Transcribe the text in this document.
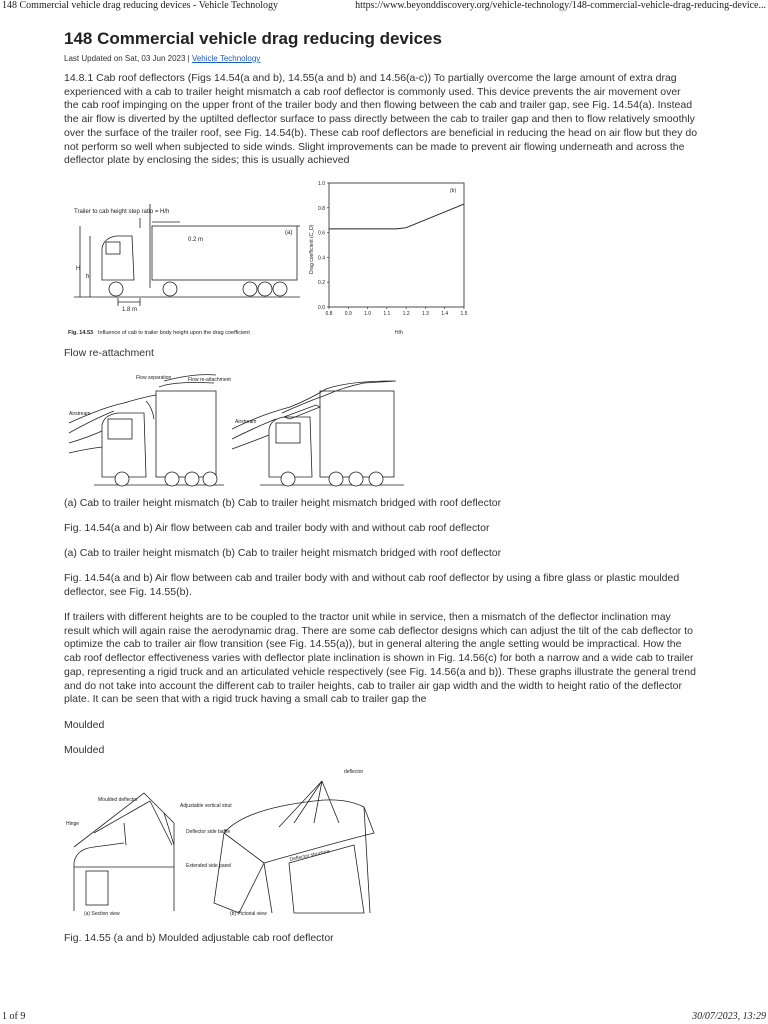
148 Commercial vehicle drag reducing devices - Vehicle Technology	https://www.beyonddiscovery.org/vehicle-technology/148-commercial-vehicle-drag-reducing-device...
148 Commercial vehicle drag reducing devices
Last Updated on Sat, 03 Jun 2023 | Vehicle Technology

14.8.1 Cab roof deflectors (Figs 14.54(a and b), 14.55(a and b) and 14.56(a-c)) To partially overcome the large amount of extra drag experienced with a cab to trailer height mismatch a cab roof deflector is commonly used. This device prevents the air movement over the cab roof impinging on the upper front of the trailer body and then flowing between the cab and trailer gap, see Fig. 14.54(a). Instead the air flow is diverted by the uptilted deflector surface to pass directly between the cab to trailer gap and then to flow relatively smoothly over the surface of the trailer roof, see Fig. 14.54(b). These cab roof deflectors are beneficial in reducing the head on air flow but they do not perform so well when subjected to side winds. Slight improvements can be made to prevent air flowing underneath and across the deflector plate by enclosing the sides; this is usually achieved

Trailer to cab height step ratio = H/h
0.2 m
1.8 m
(a)
H
h
Fig. 14.53 Influence of cab to trailer body height upon the drag coefficient
0.0
0.2
0.4
0.6
0.8
1.0
0.8 0.9 1.0 1.1 1.2 1.3 1.4 1.5
(b)
H/h
Drag coefficient (C_D)

Flow re-attachment

Flow separation	Flow re-attachment
Airstream
Airstream

(a) Cab to trailer height mismatch (b) Cab to trailer height mismatch bridged with roof deflector

Fig. 14.54(a and b) Air flow between cab and trailer body with and without cab roof deflector

(a) Cab to trailer height mismatch (b) Cab to trailer height mismatch bridged with roof deflector

Fig. 14.54(a and b) Air flow between cab and trailer body with and without cab roof deflector by using a fibre glass or plastic moulded deflector, see Fig. 14.55(b).

If trailers with different heights are to be coupled to the tractor unit while in service, then a mismatch of the deflector inclination may result which will again raise the aerodynamic drag. There are some cab deflector designs which can adjust the tilt of the cab deflector to optimize the cab to trailer air flow transition (see Fig. 14.55(a)), but in general altering the angle setting would be impractical. How the cab roof deflector effectiveness varies with deflector plate inclination is shown in Fig. 14.56(c) for both a narrow and a wide cab to trailer gap, representing a rigid truck and an articulated vehicle respectively (see Fig. 14.56(a and b)). These graphs illustrate the general trend and do not take into account the different cab to trailer heights, cab to trailer air gap width and the width to height ratio of the deflector plate. It can be seen that with a rigid truck having a small cab to trailer gap the

Moulded

Moulded

Moulded deflector
Hinge
Adjustable vertical strut
Deflector side baffle
Extended side panel
deflector
Deflector structure
(a) Section view	(b) Pictorial view

Fig. 14.55 (a and b) Moulded adjustable cab roof deflector

1 of 9	30/07/2023, 13:29
